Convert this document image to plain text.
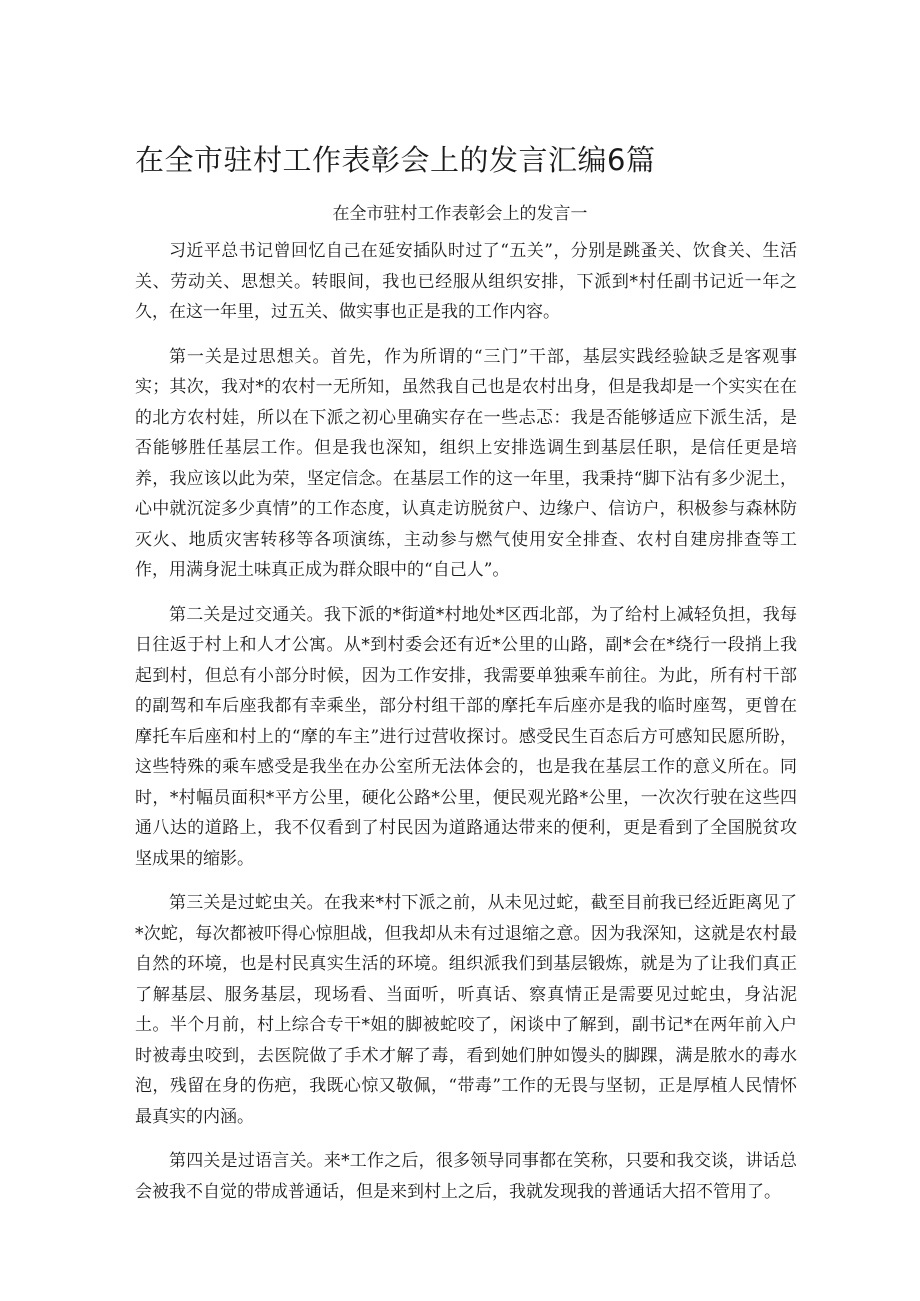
在全市驻村工作表彰会上的发言汇编6篇
在全市驻村工作表彰会上的发言一

习近平总书记曾回忆自己在延安插队时过了“五关”，分别是跳蚤关、饮食关、生活关、劳动关、思想关。转眼间，我也已经服从组织安排，下派到*村任副书记近一年之久，在这一年里，过五关、做实事也正是我的工作内容。

第一关是过思想关。首先，作为所谓的“三门”干部，基层实践经验缺乏是客观事实；其次，我对*的农村一无所知，虽然我自己也是农村出身，但是我却是一个实实在在的北方农村娃，所以在下派之初心里确实存在一些忐忑：我是否能够适应下派生活，是否能够胜任基层工作。但是我也深知，组织上安排选调生到基层任职，是信任更是培养，我应该以此为荣，坚定信念。在基层工作的这一年里，我秉持“脚下沾有多少泥土，心中就沉淀多少真情”的工作态度，认真走访脱贫户、边缘户、信访户，积极参与森林防灭火、地质灾害转移等各项演练，主动参与燃气使用安全排查、农村自建房排查等工作，用满身泥土味真正成为群众眼中的“自己人”。

第二关是过交通关。我下派的*街道*村地处*区西北部，为了给村上减轻负担，我每日往返于村上和人才公寓。从*到村委会还有近*公里的山路，副*会在*绕行一段捎上我起到村，但总有小部分时候，因为工作安排，我需要单独乘车前往。为此，所有村干部的副驾和车后座我都有幸乘坐，部分村组干部的摩托车后座亦是我的临时座驾，更曾在摩托车后座和村上的“摩的车主”进行过营收探讨。感受民生百态后方可感知民愿所盼，这些特殊的乘车感受是我坐在办公室所无法体会的，也是我在基层工作的意义所在。同时，*村幅员面积*平方公里，硬化公路*公里，便民观光路*公里，一次次行驶在这些四通八达的道路上，我不仅看到了村民因为道路通达带来的便利，更是看到了全国脱贫攻坚成果的缩影。

第三关是过蛇虫关。在我来*村下派之前，从未见过蛇，截至目前我已经近距离见了*次蛇，每次都被吓得心惊胆战，但我却从未有过退缩之意。因为我深知，这就是农村最自然的环境，也是村民真实生活的环境。组织派我们到基层锻炼，就是为了让我们真正了解基层、服务基层，现场看、当面听，听真话、察真情正是需要见过蛇虫，身沾泥土。半个月前，村上综合专干*姐的脚被蛇咬了，闲谈中了解到，副书记*在两年前入户时被毒虫咬到，去医院做了手术才解了毒，看到她们肿如馒头的脚踝，满是脓水的毒水泡，残留在身的伤疤，我既心惊又敬佩，“带毒”工作的无畏与坚韧，正是厚植人民情怀最真实的内涵。

第四关是过语言关。来*工作之后，很多领导同事都在笑称，只要和我交谈，讲话总会被我不自觉的带成普通话，但是来到村上之后，我就发现我的普通话大招不管用了。
